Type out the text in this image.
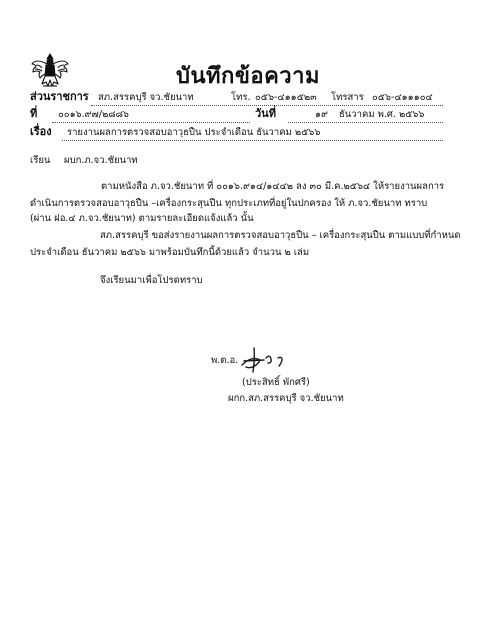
บันทึกข้อความ
ส่วนราชการ สภ.สรรคบุรี จว.ชัยนาท	โทร. ๐๕๖-๔๑๑๕๒๓ โทรสาร ๐๕๖-๔๑๑๑๐๔
ที่ ๐๐๑๖.๙๗/๒๘๘๖	วันที่	๑๙ ธันวาคม พ.ศ. ๒๕๖๖
เรื่อง รายงานผลการตรวจสอบอาวุธปืน ประจำเดือน ธันวาคม ๒๕๖๖
เรียน ผบก.ภ.จว.ชัยนาท
ตามหนังสือ ภ.จว.ชัยนาท ที่ ๐๐๑๖.๙๑๔/๑๔๔๒ ลง ๓๐ มี.ค.๒๕๖๔ ให้รายงานผลการ
ดำเนินการตรวจสอบอาวุธปืน –เครื่องกระสุนปืน ทุกประเภทที่อยู่ในปกครอง ให้ ภ.จว.ชัยนาท ทราบ
(ผ่าน ฝอ.๔ ภ.จว.ชัยนาท) ตามรายละเอียดแจ้งแล้ว นั้น
สภ.สรรคบุรี ขอส่งรายงานผลการตรวจสอบอาวุธปืน – เครื่องกระสุนปืน ตามแบบที่กำหนด
ประจำเดือน ธันวาคม ๒๕๖๖ มาพร้อมบันทึกนี้ด้วยแล้ว จำนวน ๒ เล่ม
จึงเรียนมาเพื่อโปรดทราบ
พ.ต.อ.
(ประสิทธิ์ พักศรี)
ผกก.สภ.สรรคบุรี จว.ชัยนาท
